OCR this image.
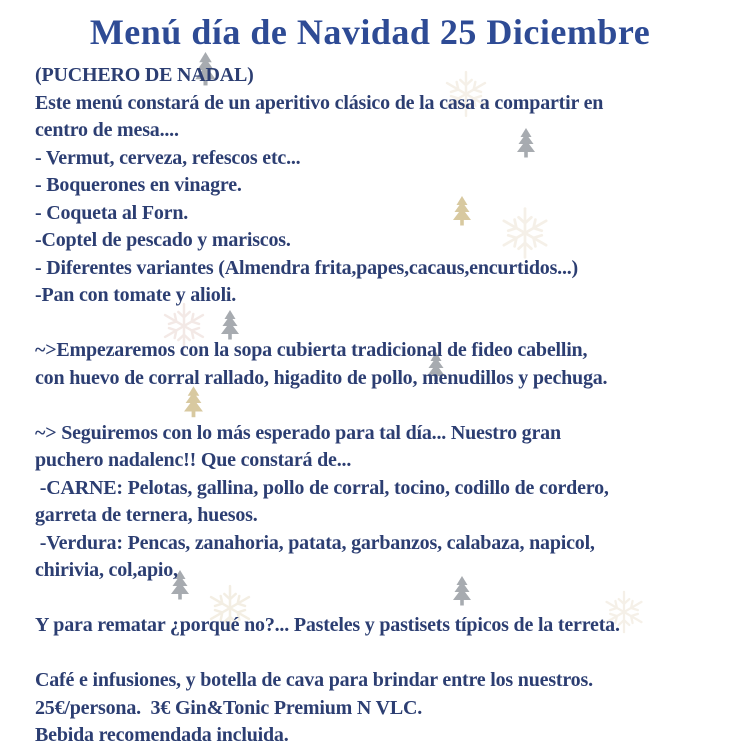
Menú día de Navidad 25 Diciembre
(PUCHERO DE NADAL)
Este menú constará de un aperitivo clásico de la casa a compartir en
centro de mesa....
- Vermut, cerveza, refescos etc...
- Boquerones en vinagre.
- Coqueta al Forn.
-Coptel de pescado y mariscos.
- Diferentes variantes (Almendra frita,papes,cacaus,encurtidos...)
-Pan con tomate y alioli.
~>Empezaremos con la sopa cubierta tradicional de fideo cabellin,
con huevo de corral rallado, higadito de pollo, menudillos y pechuga.
~> Seguiremos con lo más esperado para tal día... Nuestro gran
puchero nadalenc!! Que constará de...
-CARNE: Pelotas, gallina, pollo de corral, tocino, codillo de cordero,
garreta de ternera, huesos.
-Verdura: Pencas, zanahoria, patata, garbanzos, calabaza, napicol,
chirivia, col,apio,
Y para rematar ¿porqué no?... Pasteles y pastisets típicos de la terreta.
Café e infusiones, y botella de cava para brindar entre los nuestros.
25€/persona.  3€ Gin&Tonic Premium N VLC.
Bebida recomendada incluida.
